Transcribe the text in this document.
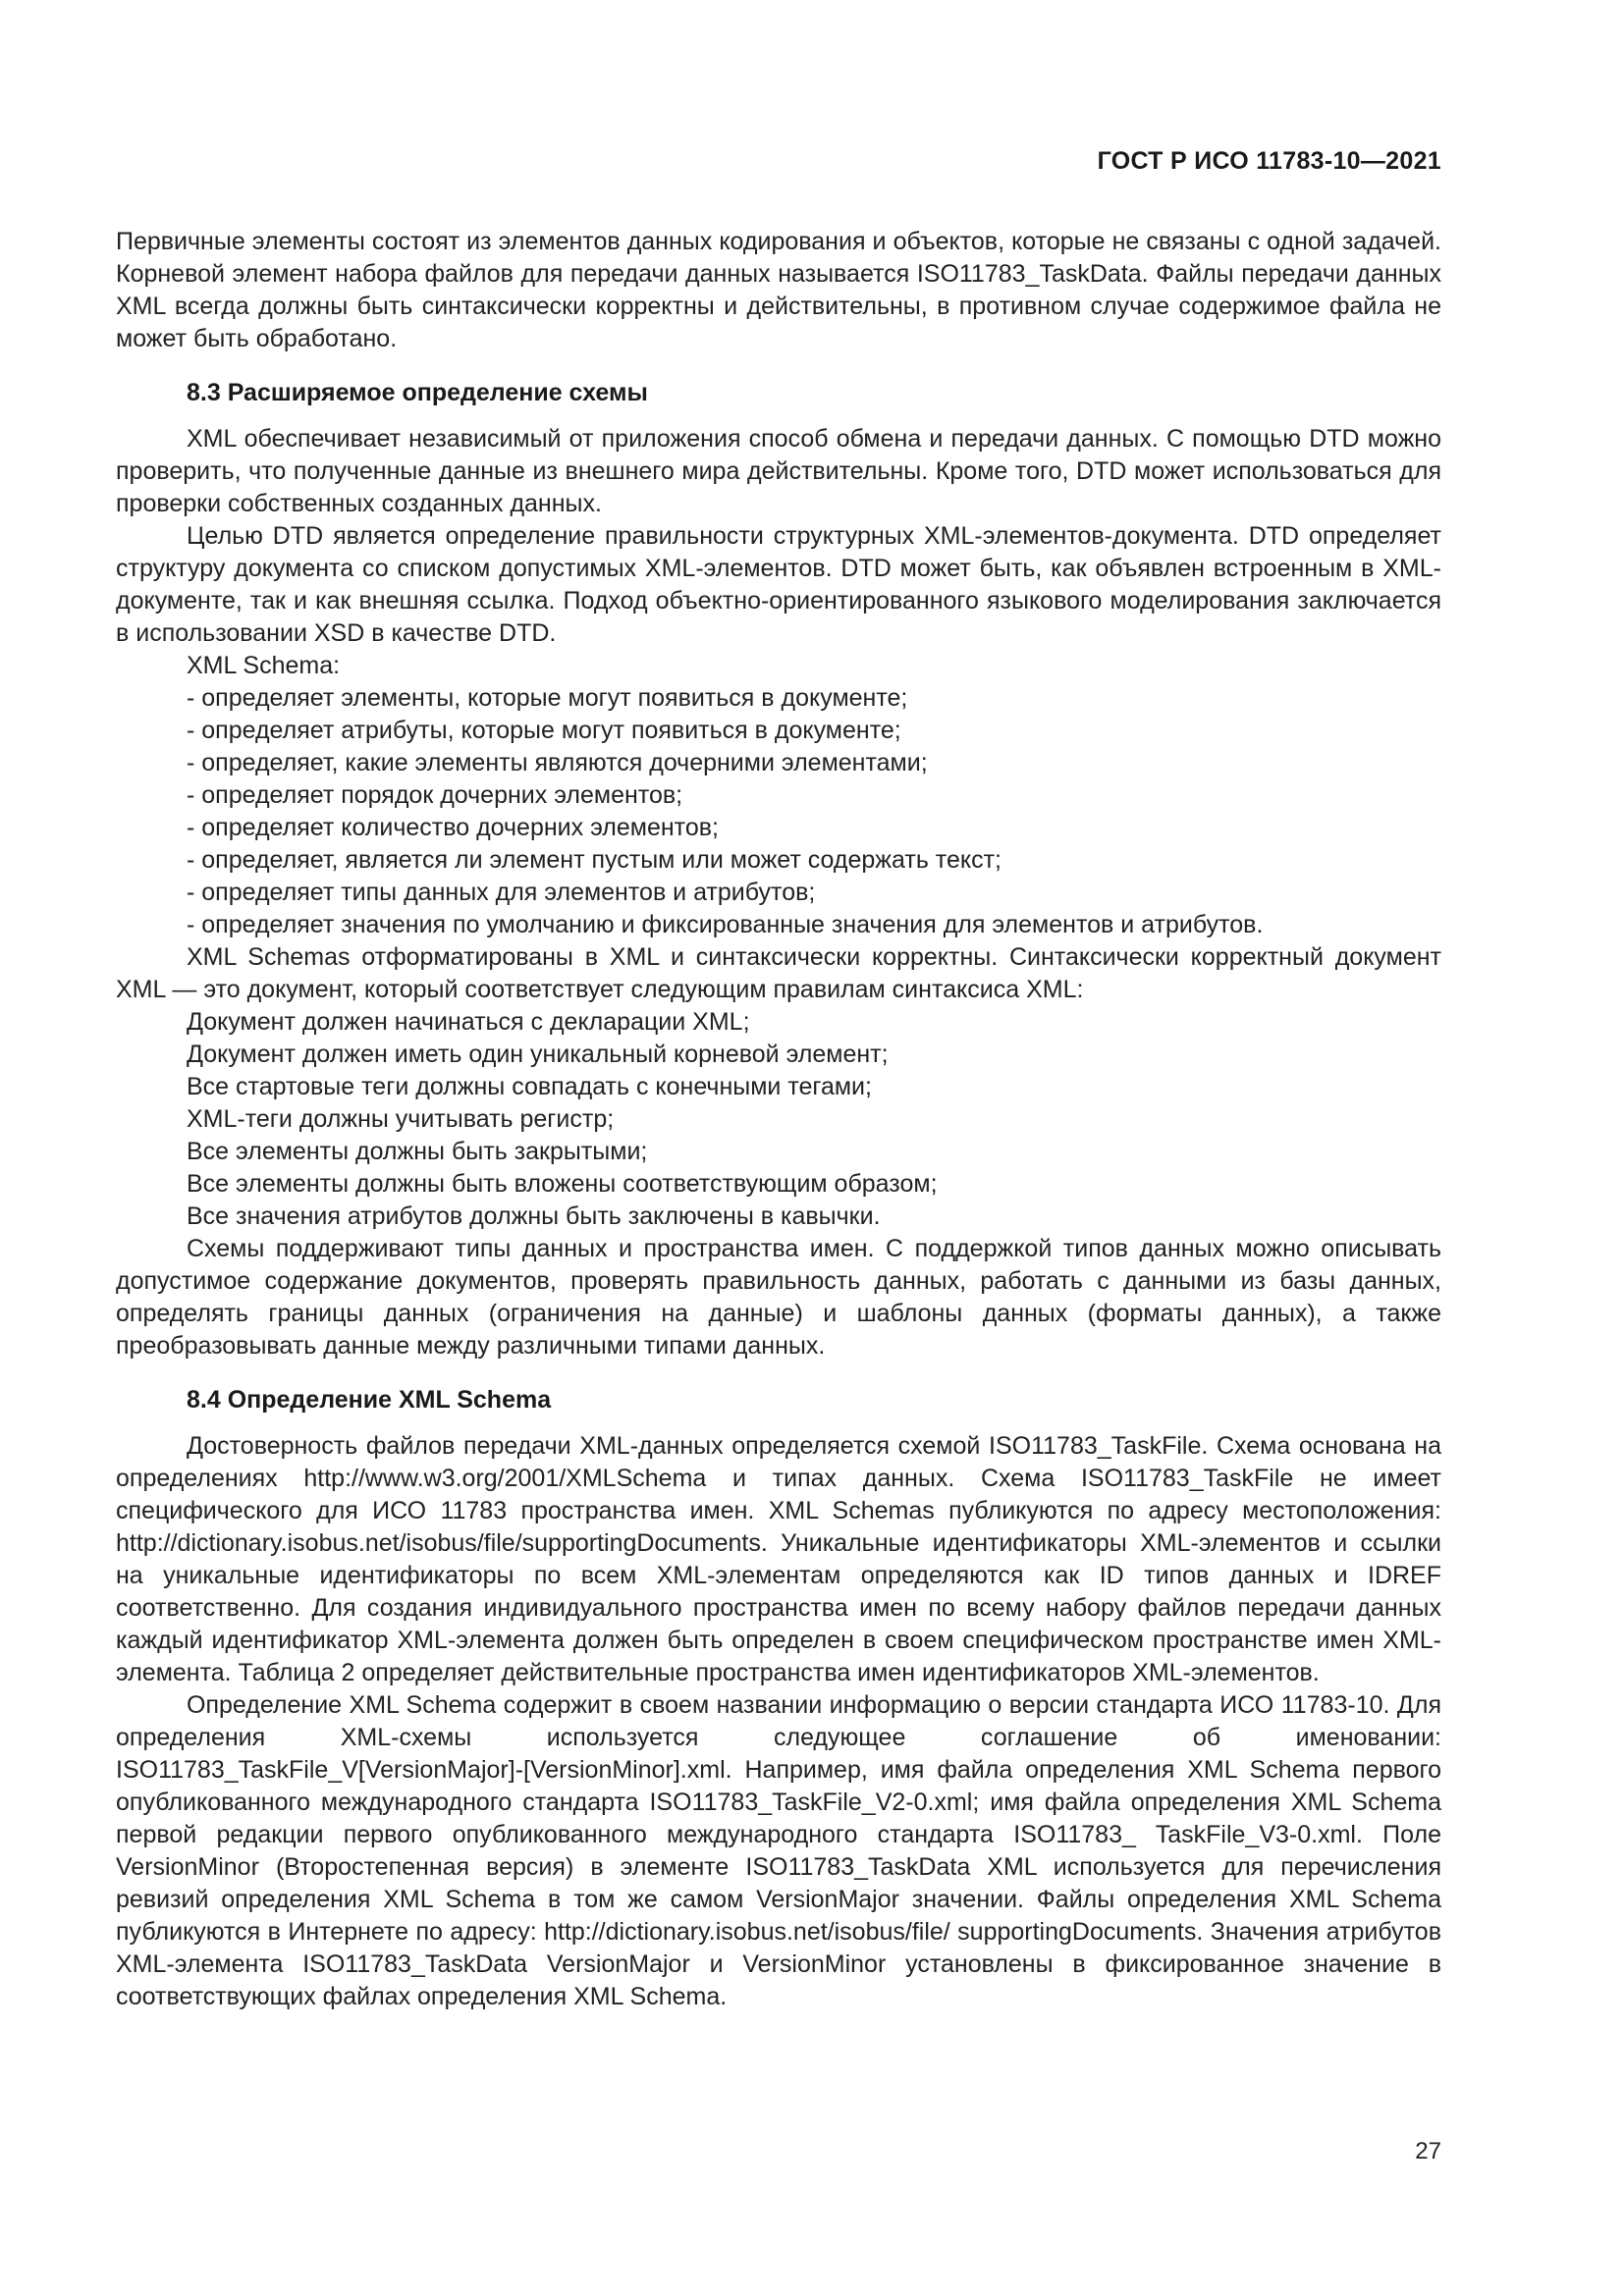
ГОСТ Р ИСО 11783-10—2021

Первичные элементы состоят из элементов данных кодирования и объектов, которые не связаны с одной задачей. Корневой элемент набора файлов для передачи данных называется ISO11783_TaskData. Файлы передачи данных XML всегда должны быть синтаксически корректны и действительны, в противном случае содержимое файла не может быть обработано.

8.3 Расширяемое определение схемы

XML обеспечивает независимый от приложения способ обмена и передачи данных. С помощью DTD можно проверить, что полученные данные из внешнего мира действительны. Кроме того, DTD может использоваться для проверки собственных созданных данных.

Целью DTD является определение правильности структурных XML-элементов-документа. DTD определяет структуру документа со списком допустимых XML-элементов. DTD может быть, как объявлен встроенным в XML-документе, так и как внешняя ссылка. Подход объектно-ориентированного языкового моделирования заключается в использовании XSD в качестве DTD.

XML Schema:

- определяет элементы, которые могут появиться в документе;

- определяет атрибуты, которые могут появиться в документе;

- определяет, какие элементы являются дочерними элементами;

- определяет порядок дочерних элементов;

- определяет количество дочерних элементов;

- определяет, является ли элемент пустым или может содержать текст;

- определяет типы данных для элементов и атрибутов;

- определяет значения по умолчанию и фиксированные значения для элементов и атрибутов.

XML Schemas отформатированы в XML и синтаксически корректны. Синтаксически корректный документ XML — это документ, который соответствует следующим правилам синтаксиса XML:

Документ должен начинаться с декларации XML;

Документ должен иметь один уникальный корневой элемент;

Все стартовые теги должны совпадать с конечными тегами;

XML-теги должны учитывать регистр;

Все элементы должны быть закрытыми;

Все элементы должны быть вложены соответствующим образом;

Все значения атрибутов должны быть заключены в кавычки.

Схемы поддерживают типы данных и пространства имен. С поддержкой типов данных можно описывать допустимое содержание документов, проверять правильность данных, работать с данными из базы данных, определять границы данных (ограничения на данные) и шаблоны данных (форматы данных), а также преобразовывать данные между различными типами данных.

8.4 Определение XML Schema

Достоверность файлов передачи XML-данных определяется схемой ISO11783_TaskFile. Схема основана на определениях http://www.w3.org/2001/XMLSchema и типах данных. Схема ISO11783_TaskFile не имеет специфического для ИСО 11783 пространства имен. XML Schemas публикуются по адресу местоположения: http://dictionary.isobus.net/isobus/file/supportingDocuments. Уникальные идентификаторы XML-элементов и ссылки на уникальные идентификаторы по всем XML-элементам определяются как ID типов данных и IDREF соответственно. Для создания индивидуального пространства имен по всему набору файлов передачи данных каждый идентификатор XML-элемента должен быть определен в своем специфическом пространстве имен XML-элемента. Таблица 2 определяет действительные пространства имен идентификаторов XML-элементов.

Определение XML Schema содержит в своем названии информацию о версии стандарта ИСО 11783-10. Для определения XML-схемы используется следующее соглашение об именовании: ISO11783_TaskFile_V[VersionMajor]-[VersionMinor].xml. Например, имя файла определения XML Schema первого опубликованного международного стандарта ISO11783_TaskFile_V2-0.xml; имя файла определения XML Schema первой редакции первого опубликованного международного стандарта ISO11783_ TaskFile_V3-0.xml. Поле VersionMinor (Второстепенная версия) в элементе ISO11783_TaskData XML используется для перечисления ревизий определения XML Schema в том же самом VersionMajor значении. Файлы определения XML Schema публикуются в Интернете по адресу: http://dictionary.isobus.net/isobus/file/ supportingDocuments. Значения атрибутов XML-элемента ISO11783_TaskData VersionMajor и VersionMinor установлены в фиксированное значение в соответствующих файлах определения XML Schema.

27
